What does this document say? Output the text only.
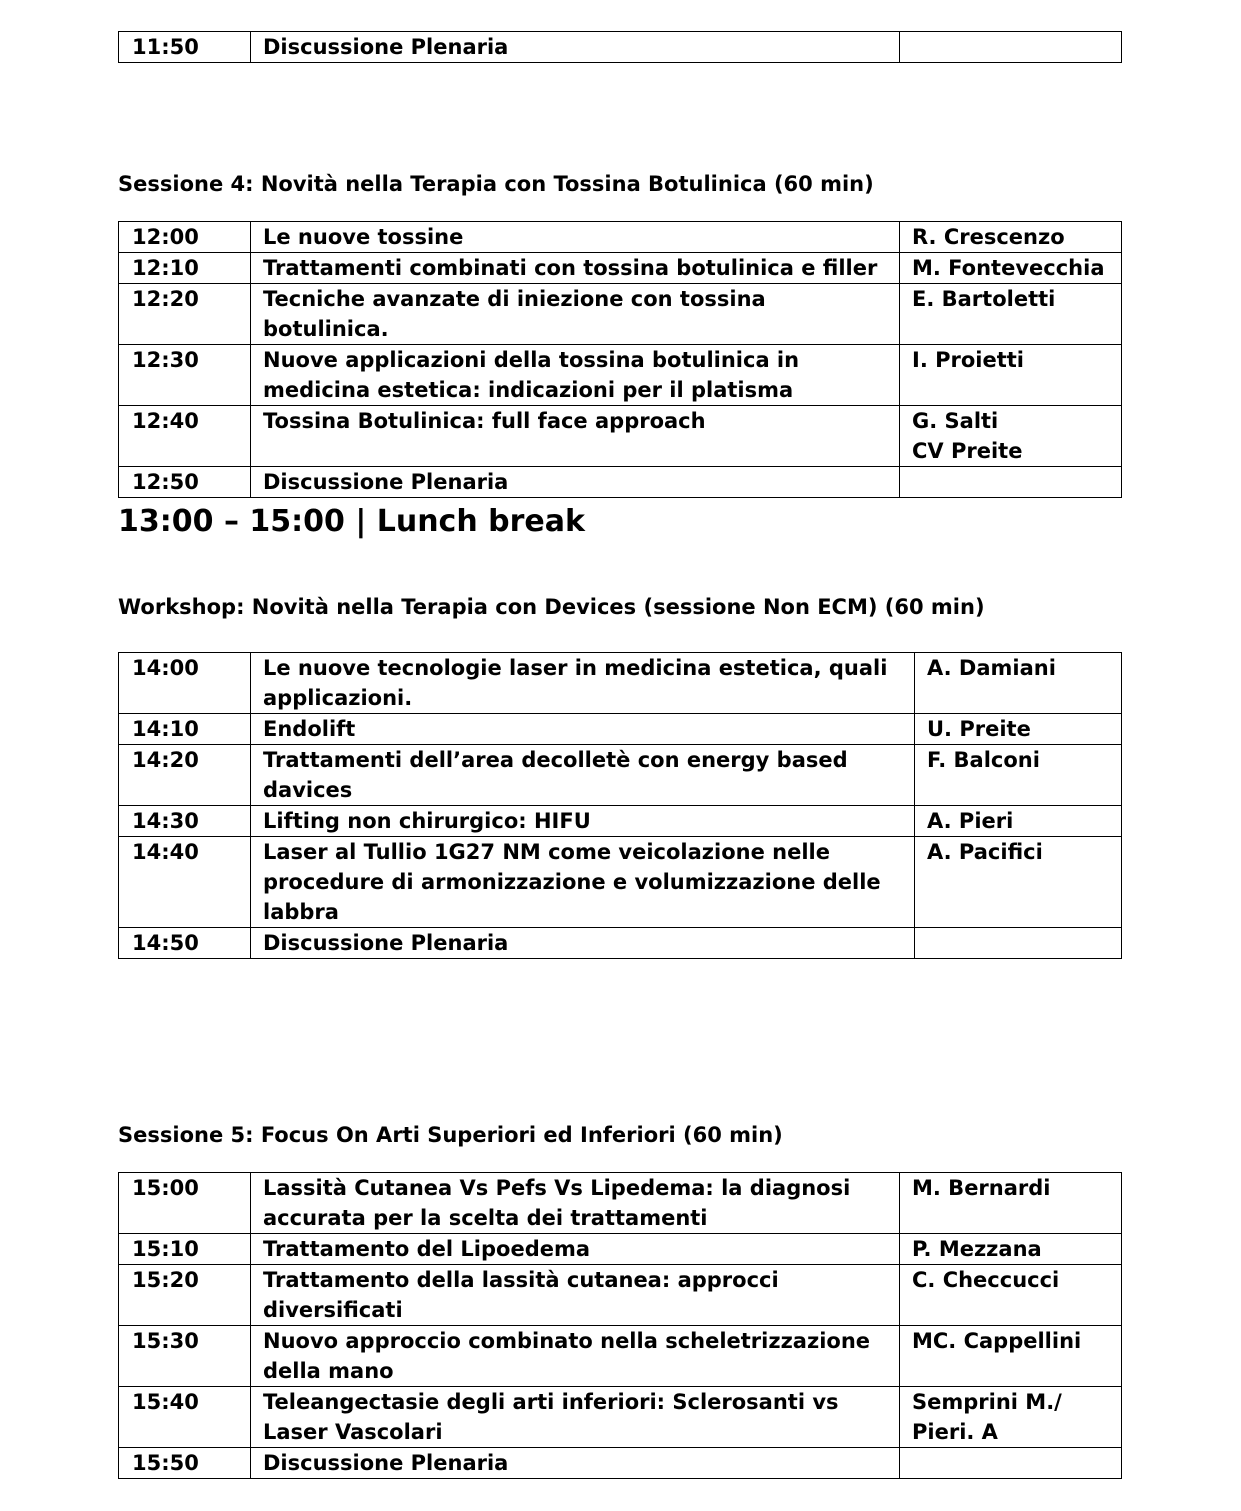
11:50	Discussione Plenaria	

Sessione 4: Novità nella Terapia con Tossina Botulinica (60 min)
12:00	Le nuove tossine	R. Crescenzo

12:10	Trattamenti combinati con tossina botulinica e filler	M. Fontevecchia

12:20	Tecniche avanzate di iniezione con tossina botulinica.	E. Bartoletti

12:30	Nuove applicazioni della tossina botulinica in medicina estetica: indicazioni per il platisma	I. Proietti

12:40	Tossina Botulinica: full face approach	G. Salti
CV Preite

12:50	Discussione Plenaria	

13:00 – 15:00 | Lunch break
Workshop: Novità nella Terapia con Devices (sessione Non ECM) (60 min)
14:00	Le nuove tecnologie laser in medicina estetica, quali applicazioni.	A. Damiani

14:10	Endolift	U. Preite

14:20	Trattamenti dell’area decolletè con energy based davices	F. Balconi

14:30	Lifting non chirurgico: HIFU	A. Pieri

14:40	Laser al Tullio 1G27 NM come veicolazione nelle procedure di armonizzazione e volumizzazione delle labbra	A. Pacifici

14:50	Discussione Plenaria	

Sessione 5: Focus On Arti Superiori ed Inferiori (60 min)
15:00	Lassità Cutanea Vs Pefs Vs Lipedema: la diagnosi accurata per la scelta dei trattamenti	M. Bernardi

15:10	Trattamento del Lipoedema	P. Mezzana

15:20	Trattamento della lassità cutanea: approcci diversificati	C. Checcucci

15:30	Nuovo approccio combinato nella scheletrizzazione della mano	MC. Cappellini

15:40	Teleangectasie degli arti inferiori: Sclerosanti vs Laser Vascolari	Semprini M./
Pieri. A

15:50	Discussione Plenaria	
